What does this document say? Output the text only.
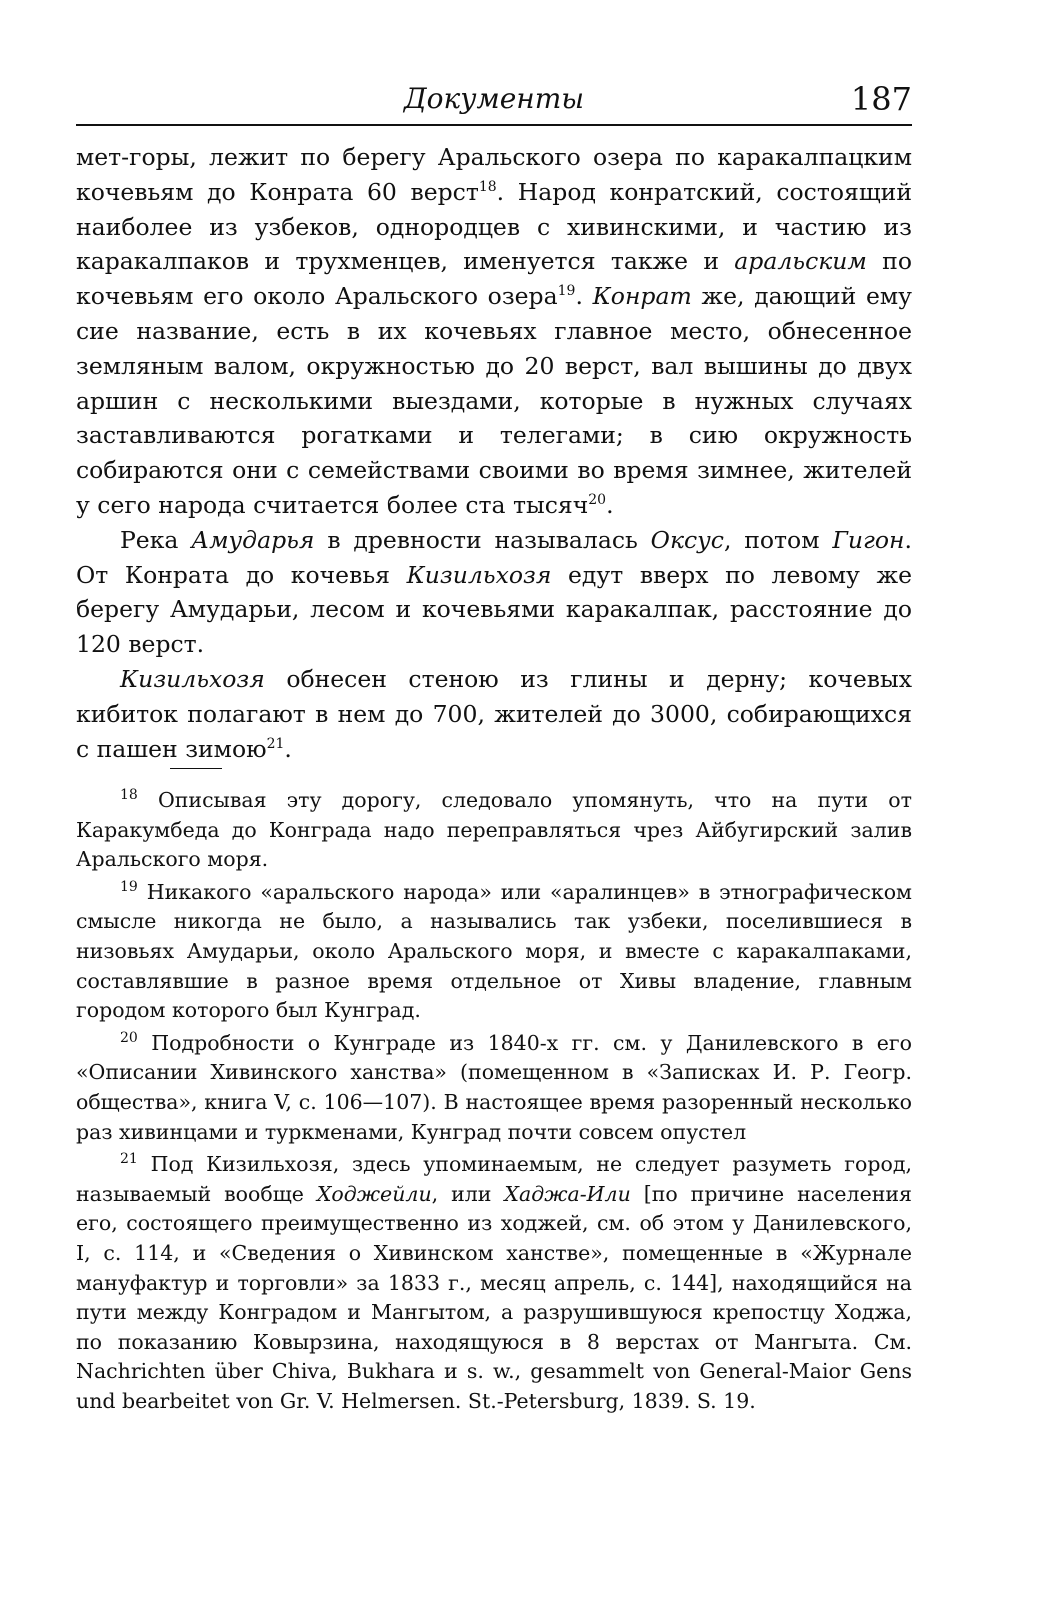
Документы	187

мет-горы, лежит по берегу Аральского озера по каракалпацким кочевьям до Конрата 60 верст$^{18}$. Народ конратский, состоящий наиболее из узбеков, однородцев с хивинскими, и частию из каракалпаков и трухменцев, именуется также и аральским по кочевьям его около Аральского озера$^{19}$. Конрат же, дающий ему сие название, есть в их кочевьях главное место, обнесенное земляным валом, окружностью до 20 верст, вал вышины до двух аршин с несколькими выездами, которые в нужных случаях заставливаются рогатками и телегами; в сию окружность собираются они с семействами своими во время зимнее, жителей у сего народа считается более ста тысяч$^{20}$.

Река Амударья в древности называлась Оксус, потом Гигон. От Конрата до кочевья Кизильхозя едут вверх по левому же берегу Амударьи, лесом и кочевьями каракалпак, расстояние до 120 верст.

Кизильхозя обнесен стеною из глины и дерну; кочевых кибиток полагают в нем до 700, жителей до 3000, собирающихся с пашен зимою$^{21}$.

$^{18}$ Описывая эту дорогу, следовало упомянуть, что на пути от Каракумбеда до Конграда надо переправляться чрез Айбугирский залив Аральского моря.

$^{19}$ Никакого «аральского народа» или «аралинцев» в этнографическом смысле никогда не было, а назывались так узбеки, поселившиеся в низовьях Амударьи, около Аральского моря, и вместе с каракалпаками, составлявшие в разное время отдельное от Хивы владение, главным городом которого был Кунград.

$^{20}$ Подробности о Кунграде из 1840-х гг. см. у Данилевского в его «Описании Хивинского ханства» (помещенном в «Записках И. Р. Геогр. общества», книга V, с. 106—107). В настоящее время разоренный несколько раз хивинцами и туркменами, Кунград почти совсем опустел

$^{21}$ Под Кизильхозя, здесь упоминаемым, не следует разуметь город, называемый вообще Ходжейли, или Хаджа-Или [по причине населения его, состоящего преимущественно из ходжей, см. об этом у Данилевского, I, с. 114, и «Сведения о Хивинском ханстве», помещенные в «Журнале мануфактур и торговли» за 1833 г., месяц апрель, с. 144], находящийся на пути между Конградом и Мангытом, а разрушившуюся крепостцу Ходжа, по показанию Ковырзина, находящуюся в 8 верстах от Мангыта. См. Nachrichten über Chiva, Bukhara и s. w., gesammelt von General-Maior Gens und bearbeitet von Gr. V. Helmersen. St.-Petersburg, 1839. S. 19.
